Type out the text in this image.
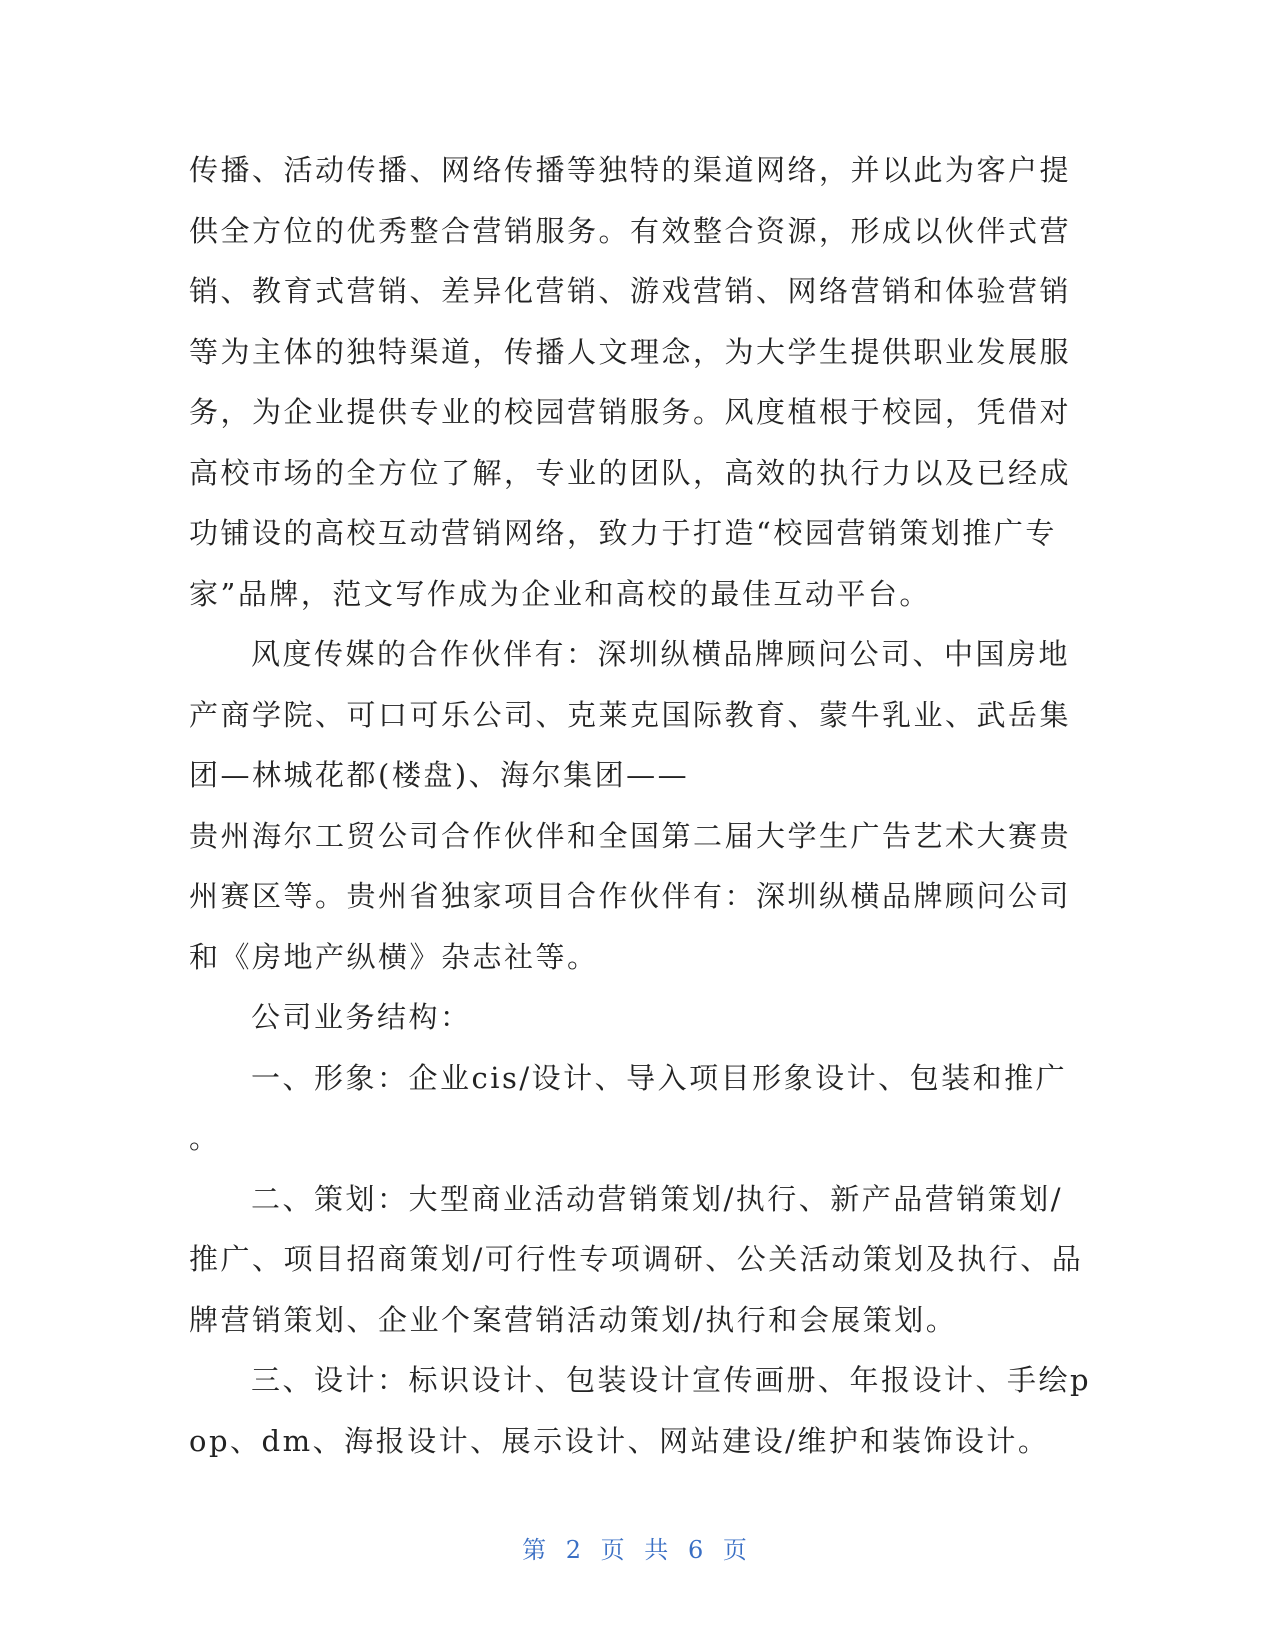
传播、活动传播、网络传播等独特的渠道网络，并以此为客户提
供全方位的优秀整合营销服务。有效整合资源，形成以伙伴式营
销、教育式营销、差异化营销、游戏营销、网络营销和体验营销
等为主体的独特渠道，传播人文理念，为大学生提供职业发展服
务，为企业提供专业的校园营销服务。风度植根于校园，凭借对
高校市场的全方位了解，专业的团队，高效的执行力以及已经成
功铺设的高校互动营销网络，致力于打造“校园营销策划推广专
家”品牌，范文写作成为企业和高校的最佳互动平台。
风度传媒的合作伙伴有：深圳纵横品牌顾问公司、中国房地
产商学院、可口可乐公司、克莱克国际教育、蒙牛乳业、武岳集
团—林城花都(楼盘)、海尔集团——
贵州海尔工贸公司合作伙伴和全国第二届大学生广告艺术大赛贵
州赛区等。贵州省独家项目合作伙伴有：深圳纵横品牌顾问公司
和《房地产纵横》杂志社等。
公司业务结构：
一、形象：企业cis/设计、导入项目形象设计、包装和推广
。
二、策划：大型商业活动营销策划/执行、新产品营销策划/
推广、项目招商策划/可行性专项调研、公关活动策划及执行、品
牌营销策划、企业个案营销活动策划/执行和会展策划。
三、设计：标识设计、包装设计宣传画册、年报设计、手绘p
op、dm、海报设计、展示设计、网站建设/维护和装饰设计。
第 2 页 共 6 页
